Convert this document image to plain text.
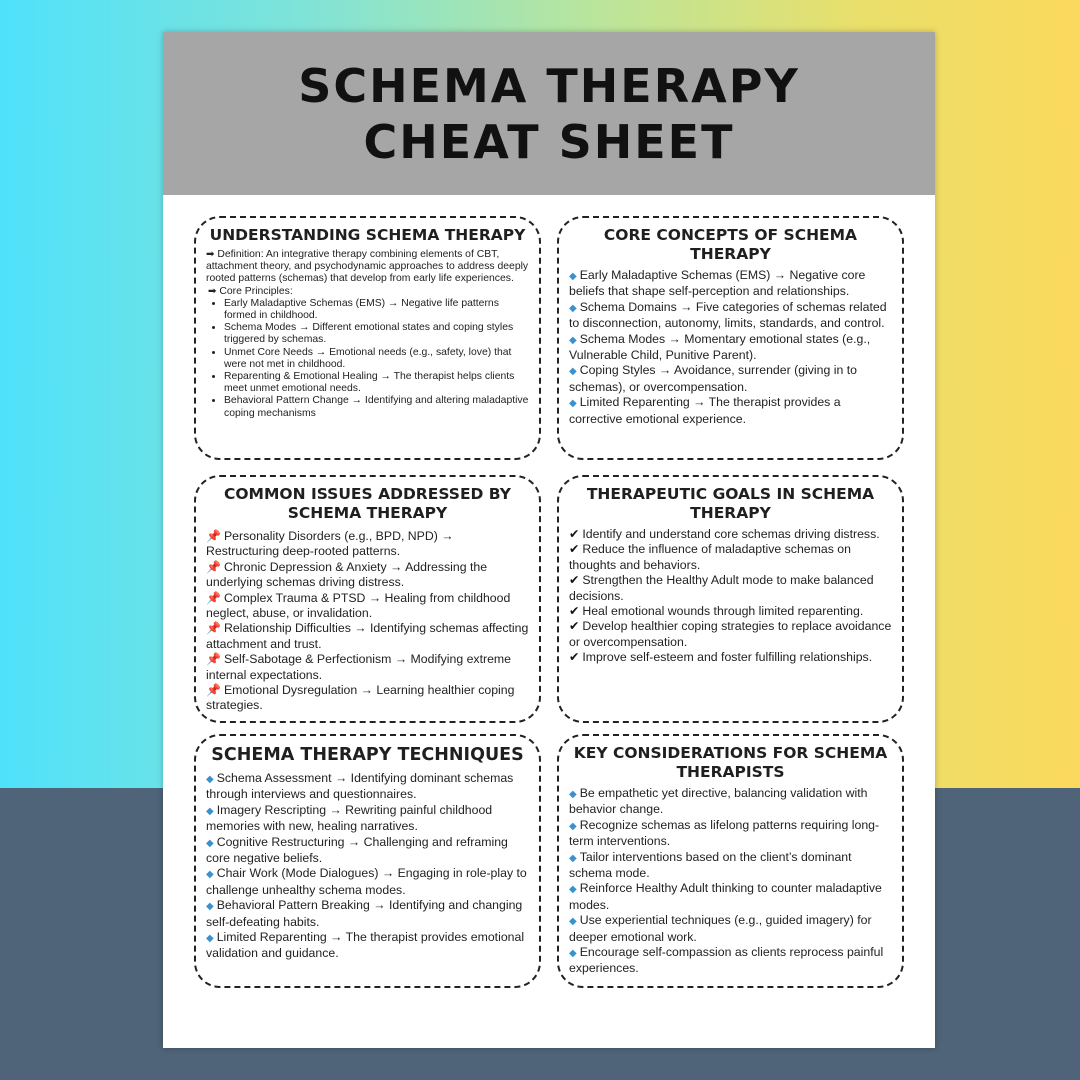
SCHEMA THERAPY
CHEAT SHEET
UNDERSTANDING SCHEMA THERAPY
➡ Definition: An integrative therapy combining elements of CBT, attachment theory, and psychodynamic approaches to address deeply rooted patterns (schemas) that develop from early life experiences.
➡ Core Principles:
• Early Maladaptive Schemas (EMS) → Negative life patterns formed in childhood.
• Schema Modes → Different emotional states and coping styles triggered by schemas.
• Unmet Core Needs → Emotional needs (e.g., safety, love) that were not met in childhood.
• Reparenting & Emotional Healing → The therapist helps clients meet unmet emotional needs.
• Behavioral Pattern Change → Identifying and altering maladaptive coping mechanisms
CORE CONCEPTS OF SCHEMA THERAPY
◆ Early Maladaptive Schemas (EMS) → Negative core beliefs that shape self-perception and relationships.
◆ Schema Domains → Five categories of schemas related to disconnection, autonomy, limits, standards, and control.
◆ Schema Modes → Momentary emotional states (e.g., Vulnerable Child, Punitive Parent).
◆ Coping Styles → Avoidance, surrender (giving in to schemas), or overcompensation.
◆ Limited Reparenting → The therapist provides a corrective emotional experience.
COMMON ISSUES ADDRESSED BY SCHEMA THERAPY
📌 Personality Disorders (e.g., BPD, NPD) → Restructuring deep-rooted patterns.
📌 Chronic Depression & Anxiety → Addressing the underlying schemas driving distress.
📌 Complex Trauma & PTSD → Healing from childhood neglect, abuse, or invalidation.
📌 Relationship Difficulties → Identifying schemas affecting attachment and trust.
📌 Self-Sabotage & Perfectionism → Modifying extreme internal expectations.
📌 Emotional Dysregulation → Learning healthier coping strategies.
THERAPEUTIC GOALS IN SCHEMA THERAPY
✔ Identify and understand core schemas driving distress.
✔ Reduce the influence of maladaptive schemas on thoughts and behaviors.
✔ Strengthen the Healthy Adult mode to make balanced decisions.
✔ Heal emotional wounds through limited reparenting.
✔ Develop healthier coping strategies to replace avoidance or overcompensation.
✔ Improve self-esteem and foster fulfilling relationships.
SCHEMA THERAPY TECHNIQUES
◆ Schema Assessment → Identifying dominant schemas through interviews and questionnaires.
◆ Imagery Rescripting → Rewriting painful childhood memories with new, healing narratives.
◆ Cognitive Restructuring → Challenging and reframing core negative beliefs.
◆ Chair Work (Mode Dialogues) → Engaging in role-play to challenge unhealthy schema modes.
◆ Behavioral Pattern Breaking → Identifying and changing self-defeating habits.
◆ Limited Reparenting → The therapist provides emotional validation and guidance.
KEY CONSIDERATIONS FOR SCHEMA THERAPISTS
◆ Be empathetic yet directive, balancing validation with behavior change.
◆ Recognize schemas as lifelong patterns requiring long-term interventions.
◆ Tailor interventions based on the client’s dominant schema mode.
◆ Reinforce Healthy Adult thinking to counter maladaptive modes.
◆ Use experiential techniques (e.g., guided imagery) for deeper emotional work.
◆ Encourage self-compassion as clients reprocess painful experiences.
